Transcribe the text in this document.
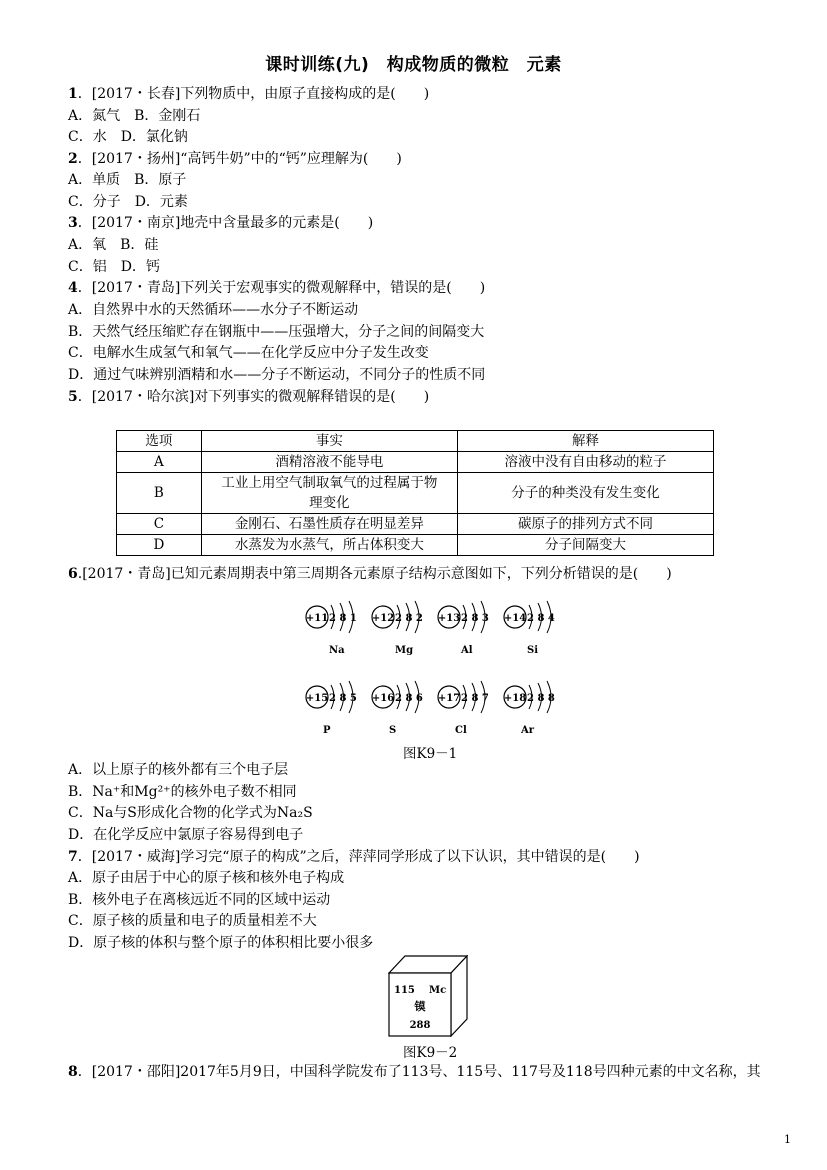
课时训练(九)　构成物质的微粒　元素
1．[2017・长春]下列物质中，由原子直接构成的是(　　)
A．氮气　B．金刚石
C．水　D．氯化钠
2．[2017・扬州]“高钙牛奶”中的“钙”应理解为(　　)
A．单质　B．原子
C．分子　D．元素
3．[2017・南京]地壳中含量最多的元素是(　　)
A．氧　B．硅
C．铝　D．钙
4．[2017・青岛]下列关于宏观事实的微观解释中，错误的是(　　)
A．自然界中水的天然循环——水分子不断运动
B．天然气经压缩贮存在钢瓶中——压强增大，分子之间的间隔变大
C．电解水生成氢气和氧气——在化学反应中分子发生改变
D．通过气味辨别酒精和水——分子不断运动，不同分子的性质不同
5．[2017・哈尔滨]对下列事实的微观解释错误的是(　　)
选项	事实	解释
A	酒精溶液不能导电	溶液中没有自由移动的粒子
B	工业上用空气制取氧气的过程属于物理变化	分子的种类没有发生变化
C	金刚石、石墨性质存在明显差异	碳原子的排列方式不同
D	水蒸发为水蒸气，所占体积变大	分子间隔变大
6.[2017・青岛]已知元素周期表中第三周期各元素原子结构示意图如下，下列分析错误的是(　　)
+11 2 8 1
Na
+12 2 8 2
Mg
+13 2 8 3
Al
+14 2 8 4
Si
+15 2 8 5
P
+16 2 8 6
S
+17 2 8 7
Cl
+18 2 8 8
Ar
图K9－1
A．以上原子的核外都有三个电子层
B．Na⁺和Mg²⁺的核外电子数不相同
C．Na与S形成化合物的化学式为Na₂S
D．在化学反应中氯原子容易得到电子
7．[2017・威海]学习完“原子的构成”之后，萍萍同学形成了以下认识，其中错误的是(　　)
A．原子由居于中心的原子核和核外电子构成
B．核外电子在离核远近不同的区域中运动
C．原子核的质量和电子的质量相差不大
D．原子核的体积与整个原子的体积相比要小很多
115 Mc
镆
288
图K9－2
8．[2017・邵阳]2017年5月9日，中国科学院发布了113号、115号、117号及118号四种元素的中文名称，其
1
